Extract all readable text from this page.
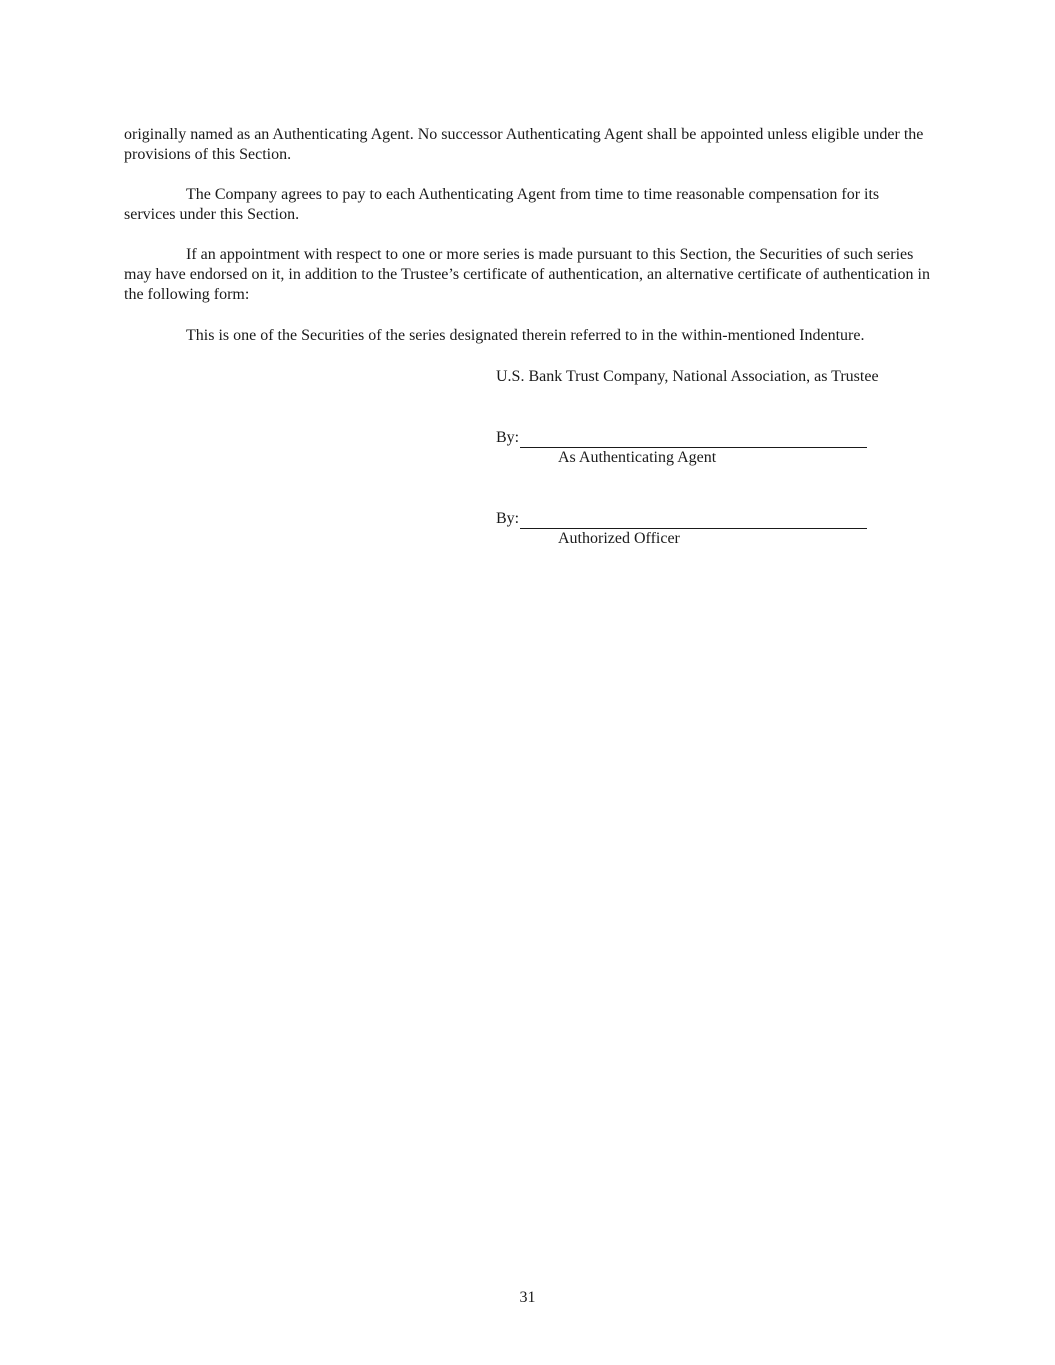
originally named as an Authenticating Agent. No successor Authenticating Agent shall be appointed unless eligible under the provisions of this Section.

The Company agrees to pay to each Authenticating Agent from time to time reasonable compensation for its services under this Section.

If an appointment with respect to one or more series is made pursuant to this Section, the Securities of such series may have endorsed on it, in addition to the Trustee’s certificate of authentication, an alternative certificate of authentication in the following form:

This is one of the Securities of the series designated therein referred to in the within-mentioned Indenture.

U.S. Bank Trust Company, National Association, as Trustee
By:
As Authenticating Agent
By:
Authorized Officer
31
